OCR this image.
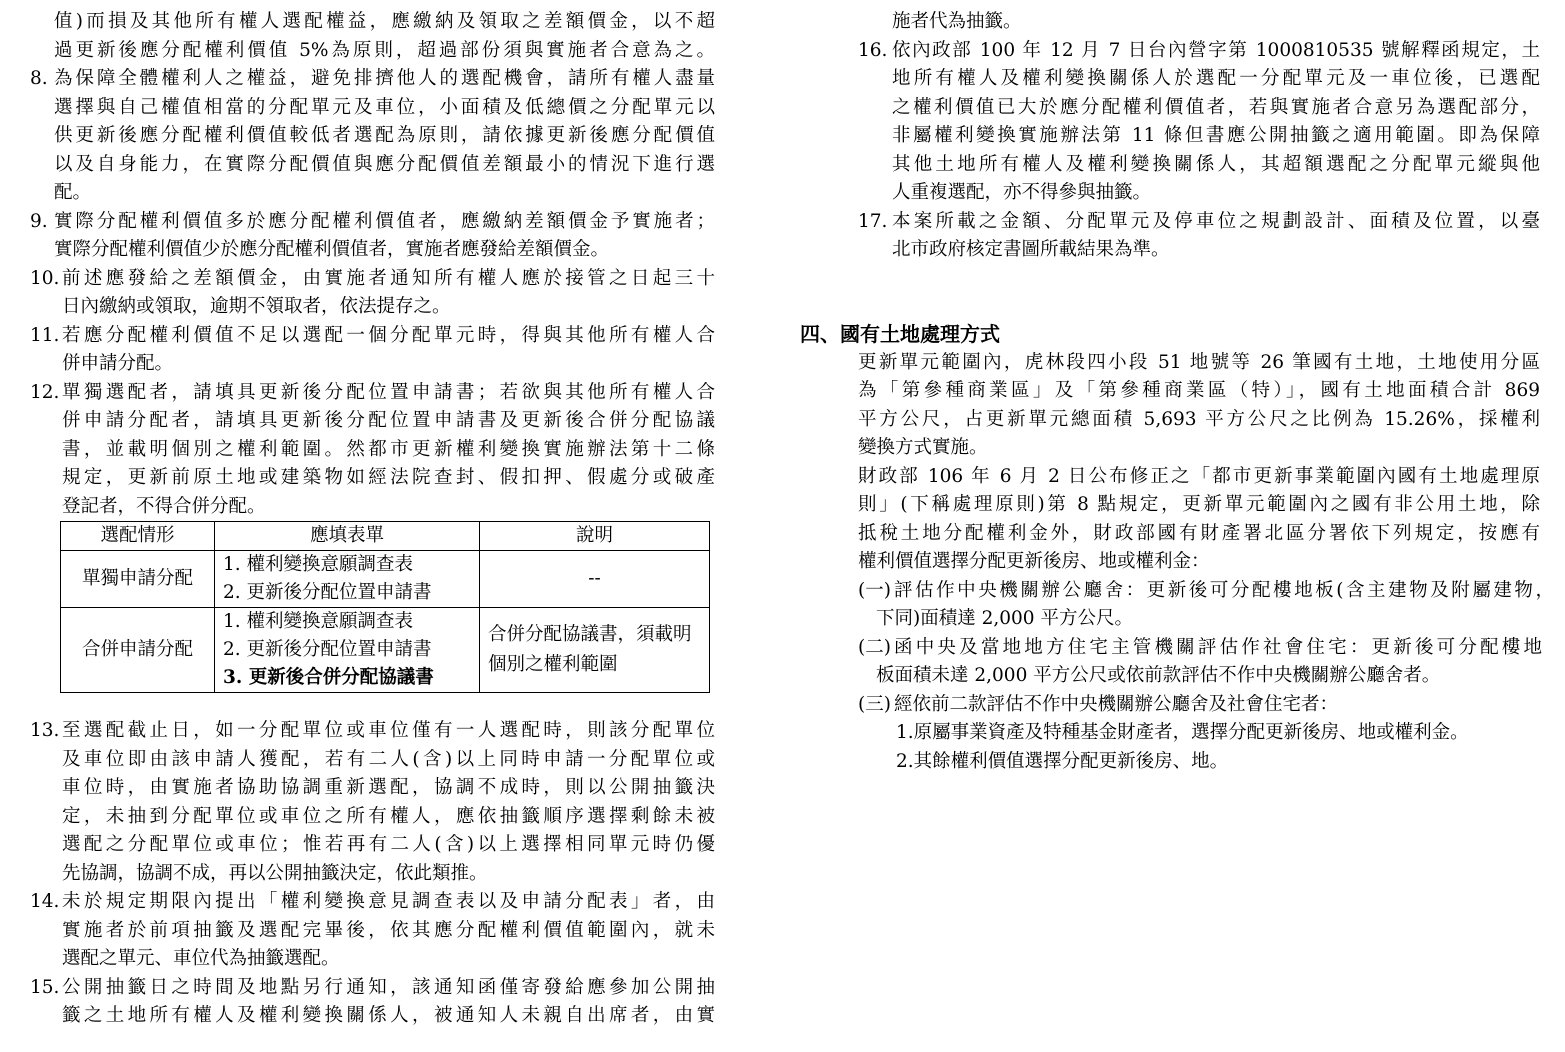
值)而損及其他所有權人選配權益，應繳納及領取之差額價金，以不超
過更新後應分配權利價值 5%為原則，超過部份須與實施者合意為之。
8. 為保障全體權利人之權益，避免排擠他人的選配機會，請所有權人盡量
選擇與自己權值相當的分配單元及車位，小面積及低總價之分配單元以
供更新後應分配權利價值較低者選配為原則，請依據更新後應分配價值
以及自身能力，在實際分配價值與應分配價值差額最小的情況下進行選
配。
9. 實際分配權利價值多於應分配權利價值者，應繳納差額價金予實施者；
實際分配權利價值少於應分配權利價值者，實施者應發給差額價金。
10. 前述應發給之差額價金，由實施者通知所有權人應於接管之日起三十
日內繳納或領取，逾期不領取者，依法提存之。
11. 若應分配權利價值不足以選配一個分配單元時，得與其他所有權人合
併申請分配。
12. 單獨選配者，請填具更新後分配位置申請書；若欲與其他所有權人合
併申請分配者，請填具更新後分配位置申請書及更新後合併分配協議
書，並載明個別之權利範圍。然都市更新權利變換實施辦法第十二條
規定，更新前原土地或建築物如經法院查封、假扣押、假處分或破產
登記者，不得合併分配。
選配情形	應填表單	說明
單獨申請分配	1. 權利變換意願調查表
2. 更新後分配位置申請書	--
合併申請分配	1. 權利變換意願調查表
2. 更新後分配位置申請書
3. 更新後合併分配協議書	合併分配協議書，須載明個別之權利範圍
13. 至選配截止日，如一分配單位或車位僅有一人選配時，則該分配單位
及車位即由該申請人獲配，若有二人(含)以上同時申請一分配單位或
車位時，由實施者協助協調重新選配，協調不成時，則以公開抽籤決
定，未抽到分配單位或車位之所有權人，應依抽籤順序選擇剩餘未被
選配之分配單位或車位；惟若再有二人(含)以上選擇相同單元時仍優
先協調，協調不成，再以公開抽籤決定，依此類推。
14. 未於規定期限內提出「權利變換意見調查表以及申請分配表」者，由
實施者於前項抽籤及選配完畢後，依其應分配權利價值範圍內，就未
選配之單元、車位代為抽籤選配。
15. 公開抽籤日之時間及地點另行通知，該通知函僅寄發給應參加公開抽
籤之土地所有權人及權利變換關係人，被通知人未親自出席者，由實
施者代為抽籤。
16. 依內政部 100 年 12 月 7 日台內營字第 1000810535 號解釋函規定，土
地所有權人及權利變換關係人於選配一分配單元及一車位後，已選配
之權利價值已大於應分配權利價值者，若與實施者合意另為選配部分，
非屬權利變換實施辦法第 11 條但書應公開抽籤之適用範圍。即為保障
其他土地所有權人及權利變換關係人，其超額選配之分配單元縱與他
人重複選配，亦不得參與抽籤。
17. 本案所載之金額、分配單元及停車位之規劃設計、面積及位置，以臺
北市政府核定書圖所載結果為準。
四、國有土地處理方式
更新單元範圍內，虎林段四小段 51 地號等 26 筆國有土地，土地使用分區
為「第參種商業區」及「第參種商業區（特）」，國有土地面積合計 869
平方公尺，占更新單元總面積 5,693 平方公尺之比例為 15.26%，採權利
變換方式實施。
財政部 106 年 6 月 2 日公布修正之「都市更新事業範圍內國有土地處理原
則」(下稱處理原則)第 8 點規定，更新單元範圍內之國有非公用土地，除
抵稅土地分配權利金外，財政部國有財產署北區分署依下列規定，按應有
權利價值選擇分配更新後房、地或權利金：
(一) 評估作中央機關辦公廳舍：更新後可分配樓地板(含主建物及附屬建物，
下同)面積達 2,000 平方公尺。
(二) 函中央及當地地方住宅主管機關評估作社會住宅：更新後可分配樓地
板面積未達 2,000 平方公尺或依前款評估不作中央機關辦公廳舍者。
(三) 經依前二款評估不作中央機關辦公廳舍及社會住宅者：
1.原屬事業資產及特種基金財產者，選擇分配更新後房、地或權利金。
2.其餘權利價值選擇分配更新後房、地。
